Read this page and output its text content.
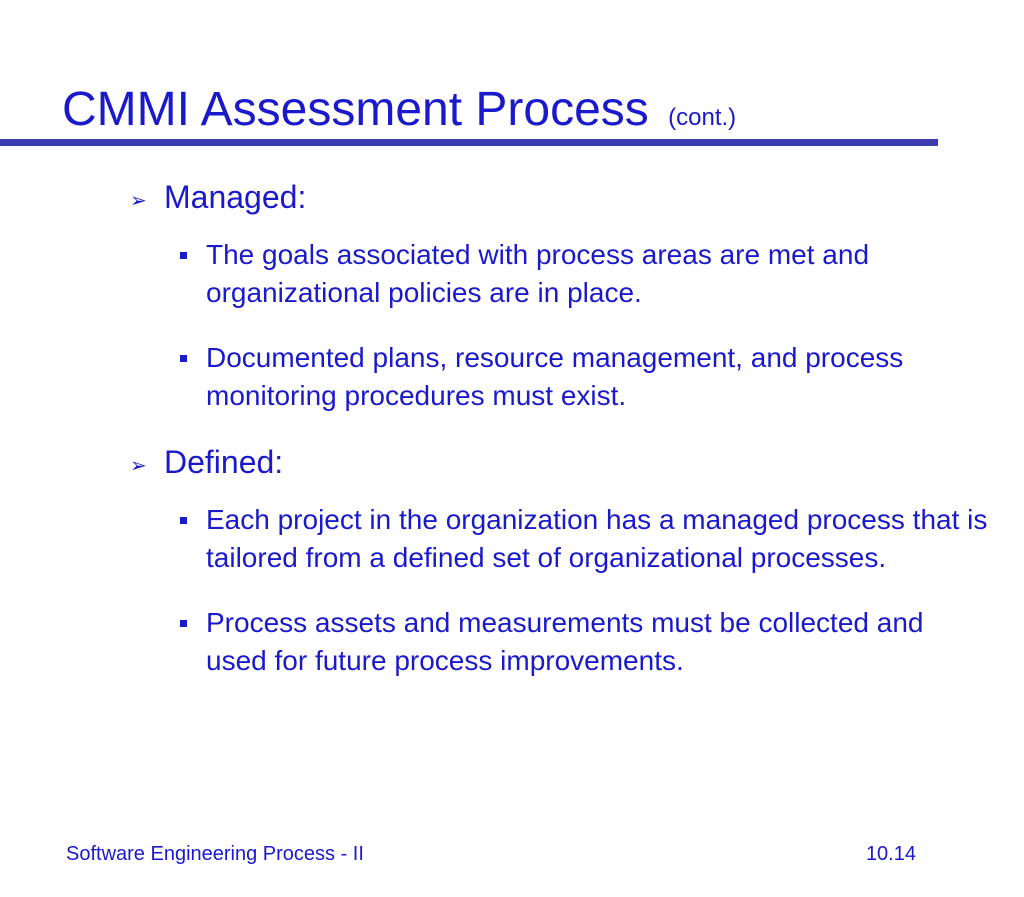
CMMI Assessment Process (cont.)

➢ Managed:

The goals associated with process areas are met and organizational policies are in place.
Documented plans, resource management, and process monitoring procedures must exist.

➢ Defined:

Each project in the organization has a managed process that is tailored from a defined set of organizational processes.
Process assets and measurements must be collected and used for future process improvements.
Software Engineering Process - II	10.14
